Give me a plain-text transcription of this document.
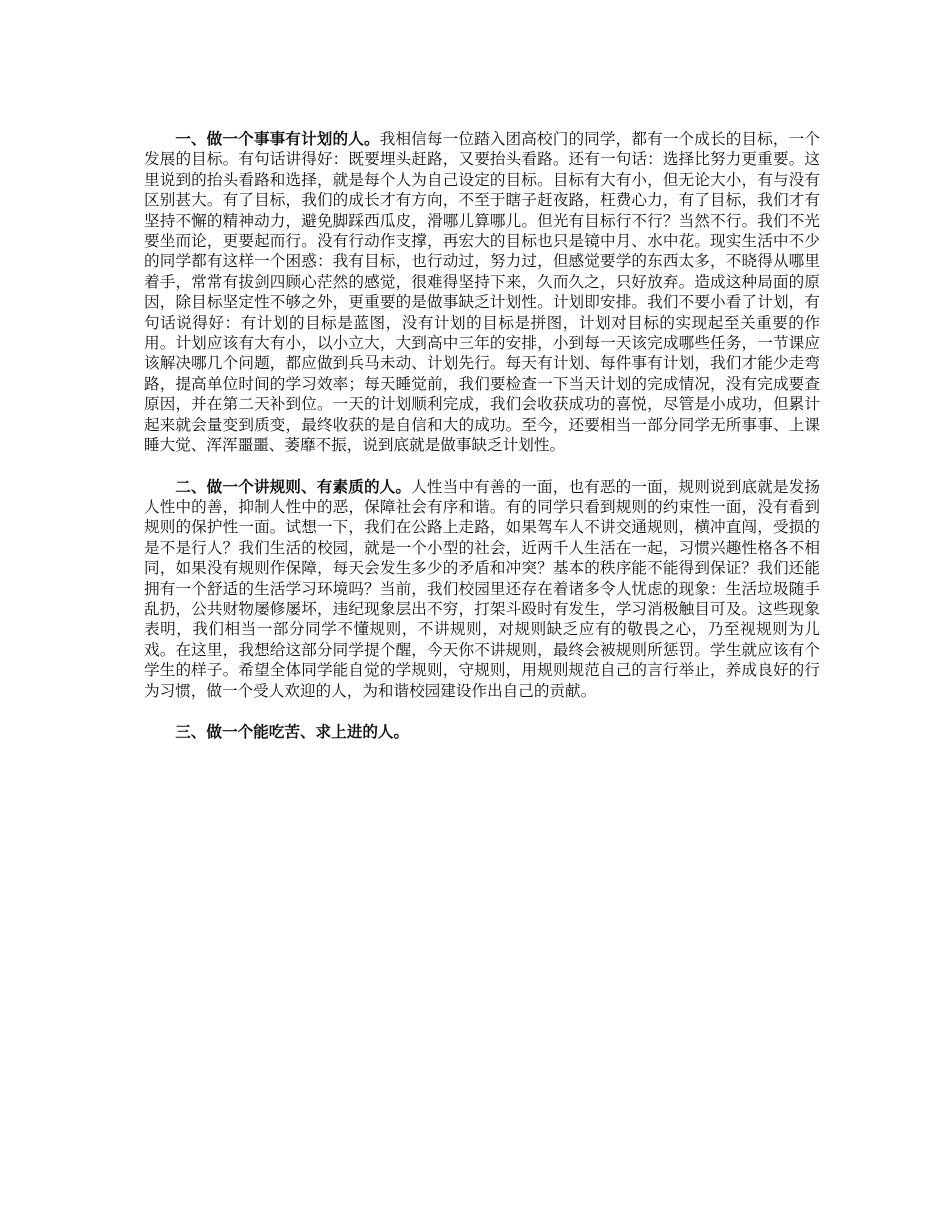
一、做一个事事有计划的人。我相信每一位踏入团高校门的同学，都有一个成长的目标，一个发展的目标。有句话讲得好：既要埋头赶路，又要抬头看路。还有一句话：选择比努力更重要。这里说到的抬头看路和选择，就是每个人为自己设定的目标。目标有大有小，但无论大小，有与没有区别甚大。有了目标，我们的成长才有方向，不至于瞎子赶夜路，枉费心力，有了目标，我们才有坚持不懈的精神动力，避免脚踩西瓜皮，滑哪儿算哪儿。但光有目标行不行？当然不行。我们不光要坐而论，更要起而行。没有行动作支撑，再宏大的目标也只是镜中月、水中花。现实生活中不少的同学都有这样一个困惑：我有目标，也行动过，努力过，但感觉要学的东西太多，不晓得从哪里着手，常常有拔剑四顾心茫然的感觉，很难得坚持下来，久而久之，只好放弃。造成这种局面的原因，除目标坚定性不够之外，更重要的是做事缺乏计划性。计划即安排。我们不要小看了计划，有句话说得好：有计划的目标是蓝图，没有计划的目标是拼图，计划对目标的实现起至关重要的作用。计划应该有大有小，以小立大，大到高中三年的安排，小到每一天该完成哪些任务，一节课应该解决哪几个问题，都应做到兵马未动、计划先行。每天有计划、每件事有计划，我们才能少走弯路，提高单位时间的学习效率；每天睡觉前，我们要检查一下当天计划的完成情况，没有完成要查原因，并在第二天补到位。一天的计划顺利完成，我们会收获成功的喜悦，尽管是小成功，但累计起来就会量变到质变，最终收获的是自信和大的成功。至今，还要相当一部分同学无所事事、上课睡大觉、浑浑噩噩、萎靡不振，说到底就是做事缺乏计划性。

二、做一个讲规则、有素质的人。人性当中有善的一面，也有恶的一面，规则说到底就是发扬人性中的善，抑制人性中的恶，保障社会有序和谐。有的同学只看到规则的约束性一面，没有看到规则的保护性一面。试想一下，我们在公路上走路，如果驾车人不讲交通规则，横冲直闯，受损的是不是行人？我们生活的校园，就是一个小型的社会，近两千人生活在一起，习惯兴趣性格各不相同，如果没有规则作保障，每天会发生多少的矛盾和冲突？基本的秩序能不能得到保证？我们还能拥有一个舒适的生活学习环境吗？当前，我们校园里还存在着诸多令人忧虑的现象：生活垃圾随手乱扔，公共财物屡修屡坏，违纪现象层出不穷，打架斗殴时有发生，学习消极触目可及。这些现象表明，我们相当一部分同学不懂规则，不讲规则，对规则缺乏应有的敬畏之心，乃至视规则为儿戏。在这里，我想给这部分同学提个醒，今天你不讲规则，最终会被规则所惩罚。学生就应该有个学生的样子。希望全体同学能自觉的学规则，守规则，用规则规范自己的言行举止，养成良好的行为习惯，做一个受人欢迎的人，为和谐校园建设作出自己的贡献。

三、做一个能吃苦、求上进的人。
